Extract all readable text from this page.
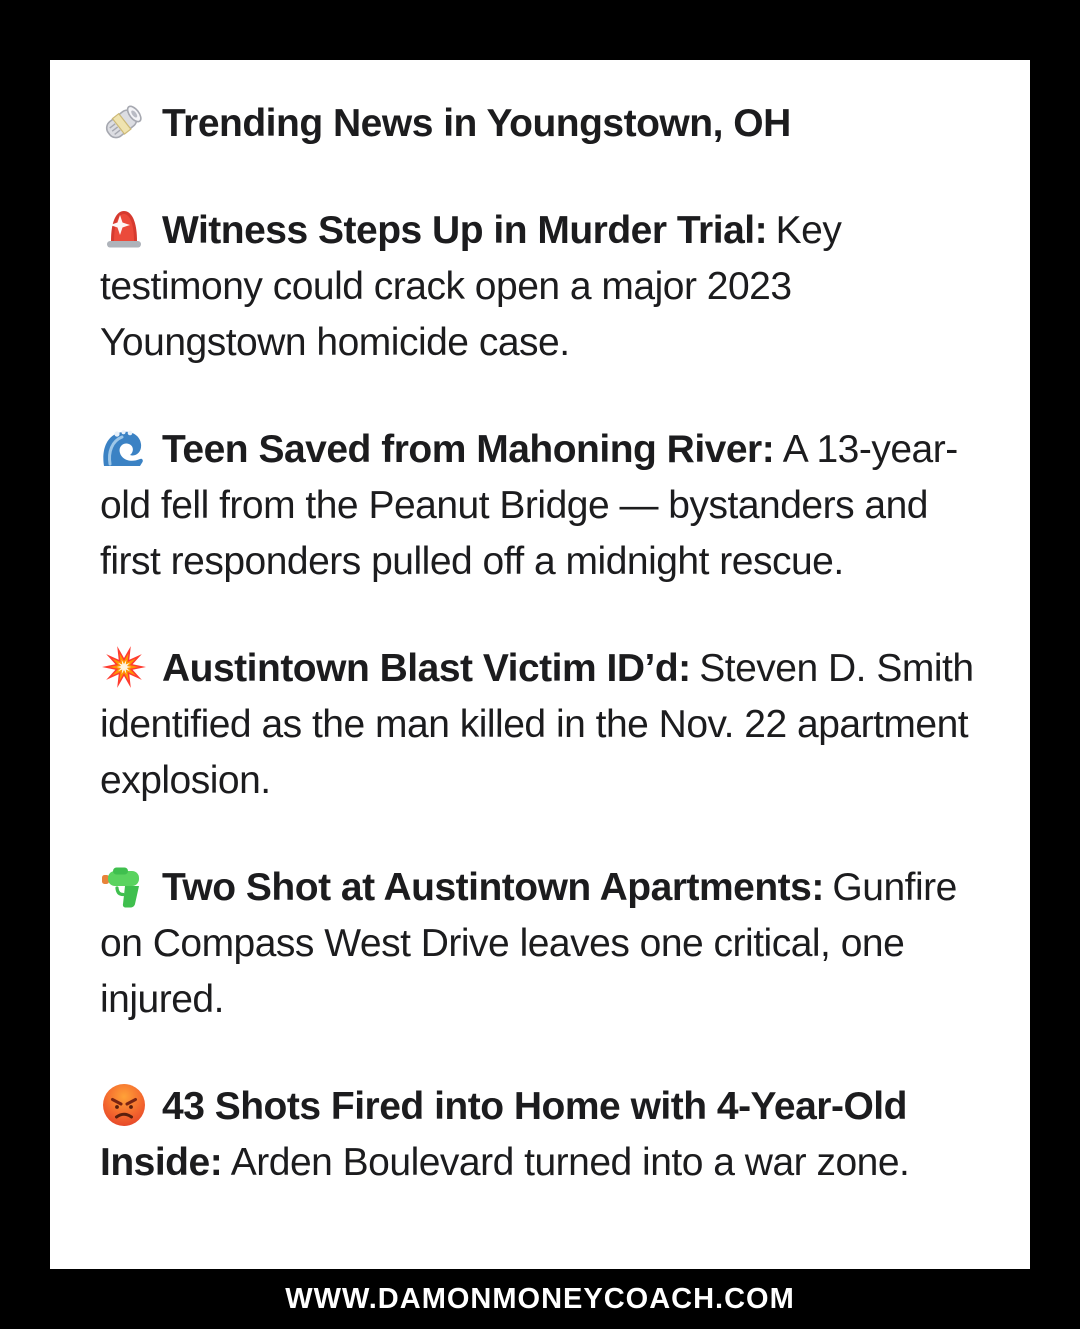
Trending News in Youngstown, OH

Witness Steps Up in Murder Trial: Key testimony could crack open a major 2023 Youngstown homicide case.

Teen Saved from Mahoning River: A 13-year-old fell from the Peanut Bridge — bystanders and first responders pulled off a midnight rescue.

Austintown Blast Victim ID’d: Steven D. Smith identified as the man killed in the Nov. 22 apartment explosion.

Two Shot at Austintown Apartments: Gunfire on Compass West Drive leaves one critical, one injured.

43 Shots Fired into Home with 4-Year-Old Inside: Arden Boulevard turned into a war zone.

WWW.DAMONMONEYCOACH.COM
